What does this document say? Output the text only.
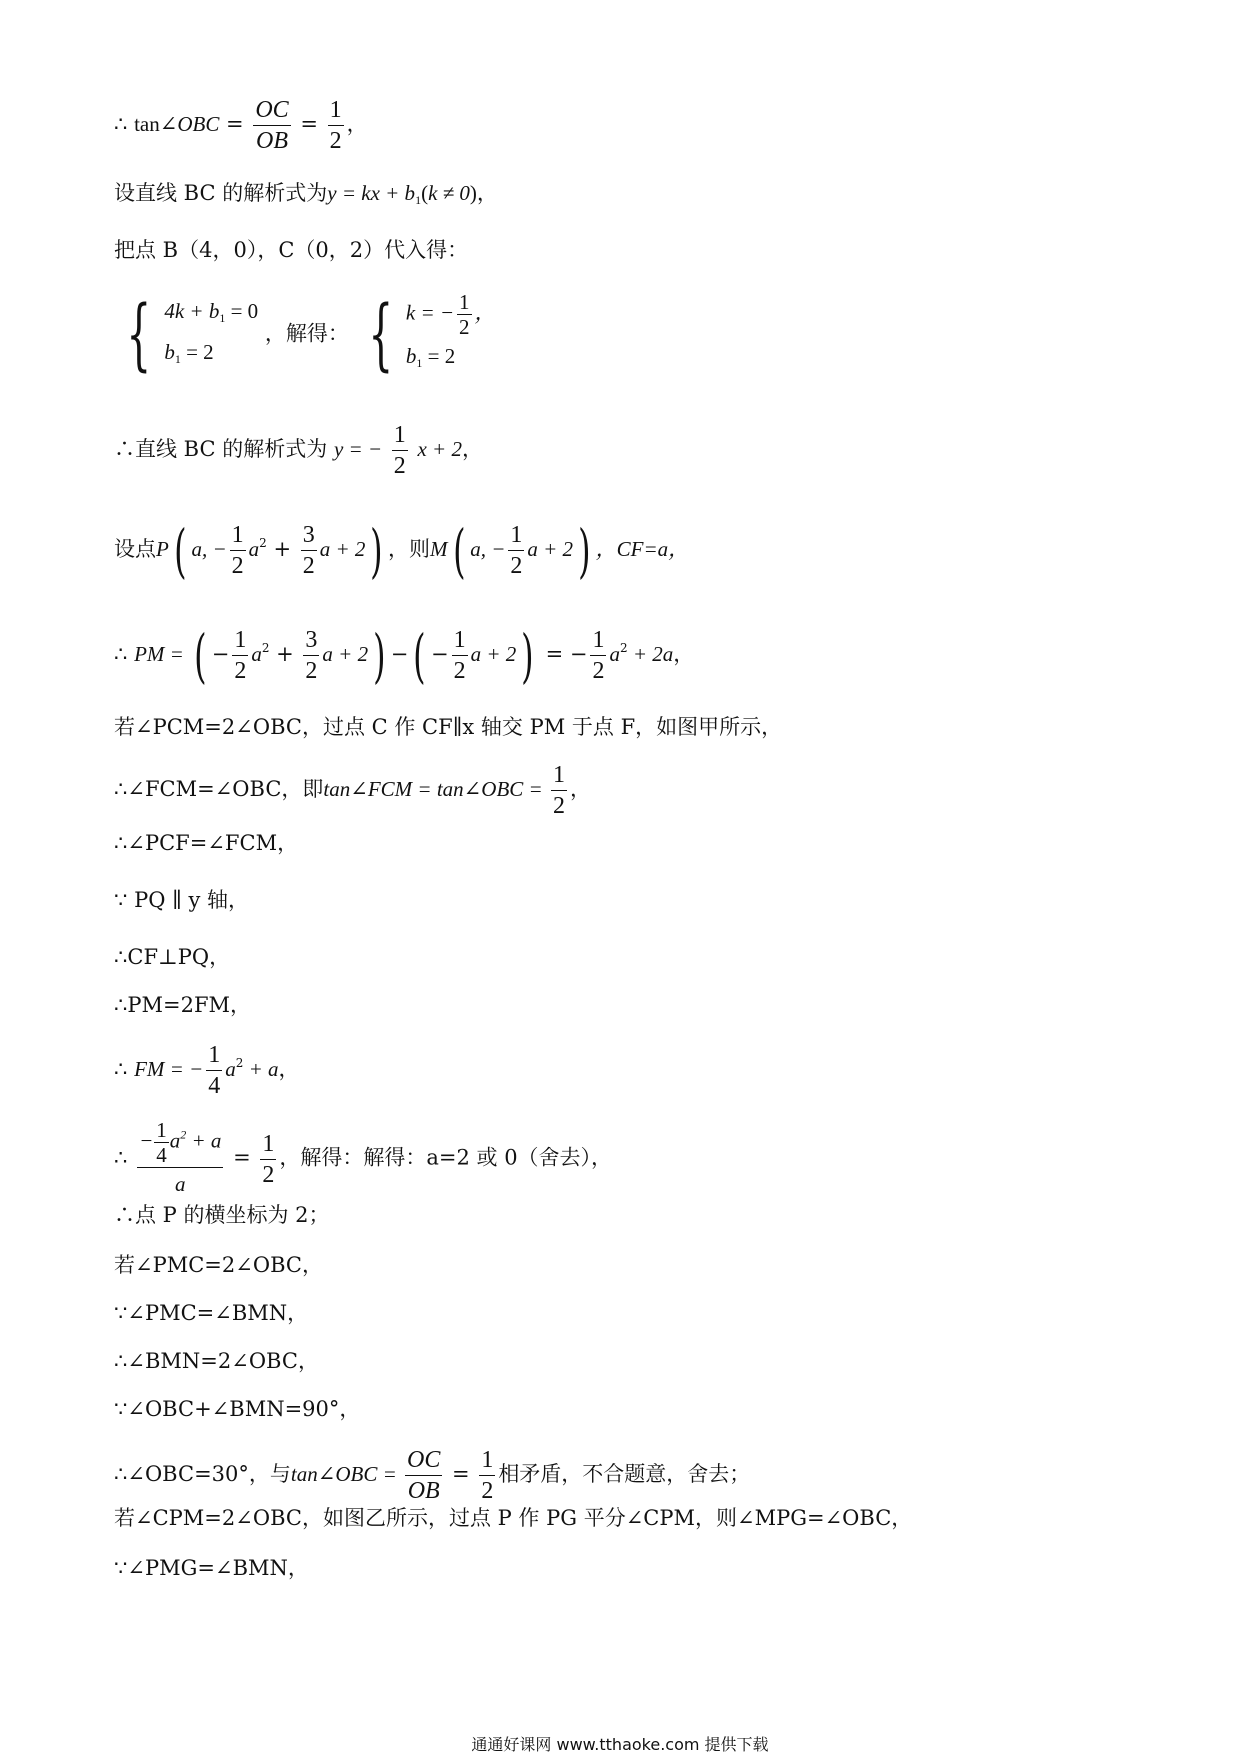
∴ tan∠OBC = $\frac{OC}{OB} = \frac{1}{2}$ ，
设直线 BC 的解析式为y = kx + $b_1(k \ne 0)$，
把点 B（4，0），C（0，2）代入得：
{ $4k + b_1 = 0$
$b_1 = 2$
，解得： { k = − $\frac{1}{2}$ ，
$b_1 = 2$
∴直线 BC 的解析式为 y = − $\frac{1}{2}$ x + 2，
设点P( a, − $\frac{1}{2} a^2 + \frac{3}{2}$ a + 2) ，则M( a, − $\frac{1}{2}$ a + 2) ，CF=a，
∴ PM = ( − $\frac{1}{2} a^2 + \frac{3}{2}$ a + 2) −( − $\frac{1}{2}$ a + 2) = − $\frac{1}{2} a^2 + 2a$，
若∠PCM=2∠OBC，过点 C 作 CF∥x 轴交 PM 于点 F，如图甲所示，
∴∠FCM=∠OBC，即tan∠FCM = tan∠OBC = $\frac{1}{2}$ ，
∴∠PCF=∠FCM，
∵ PQ ∥ y 轴，
∴CF⊥PQ，
∴PM=2FM，
∴ FM = − $\frac{1}{4} a^2 + a$，
∴ $\frac{- \frac{1}{4} a^2 + a}{a} = \frac{1}{2}$ ，解得：解得：a=2 或 0（舍去），
∴点 P 的横坐标为 2；
若∠PMC=2∠OBC，
∵∠PMC=∠BMN，
∴∠BMN=2∠OBC，
∵∠OBC+∠BMN=90°，
∴∠OBC=30°，与tan∠OBC = $\frac{OC}{OB} = \frac{1}{2}$ 相矛盾，不合题意，舍去；
若∠CPM=2∠OBC，如图乙所示，过点 P 作 PG 平分∠CPM，则∠MPG=∠OBC，
∵∠PMG=∠BMN，
通通好课网 www.tthaoke.com 提供下载
